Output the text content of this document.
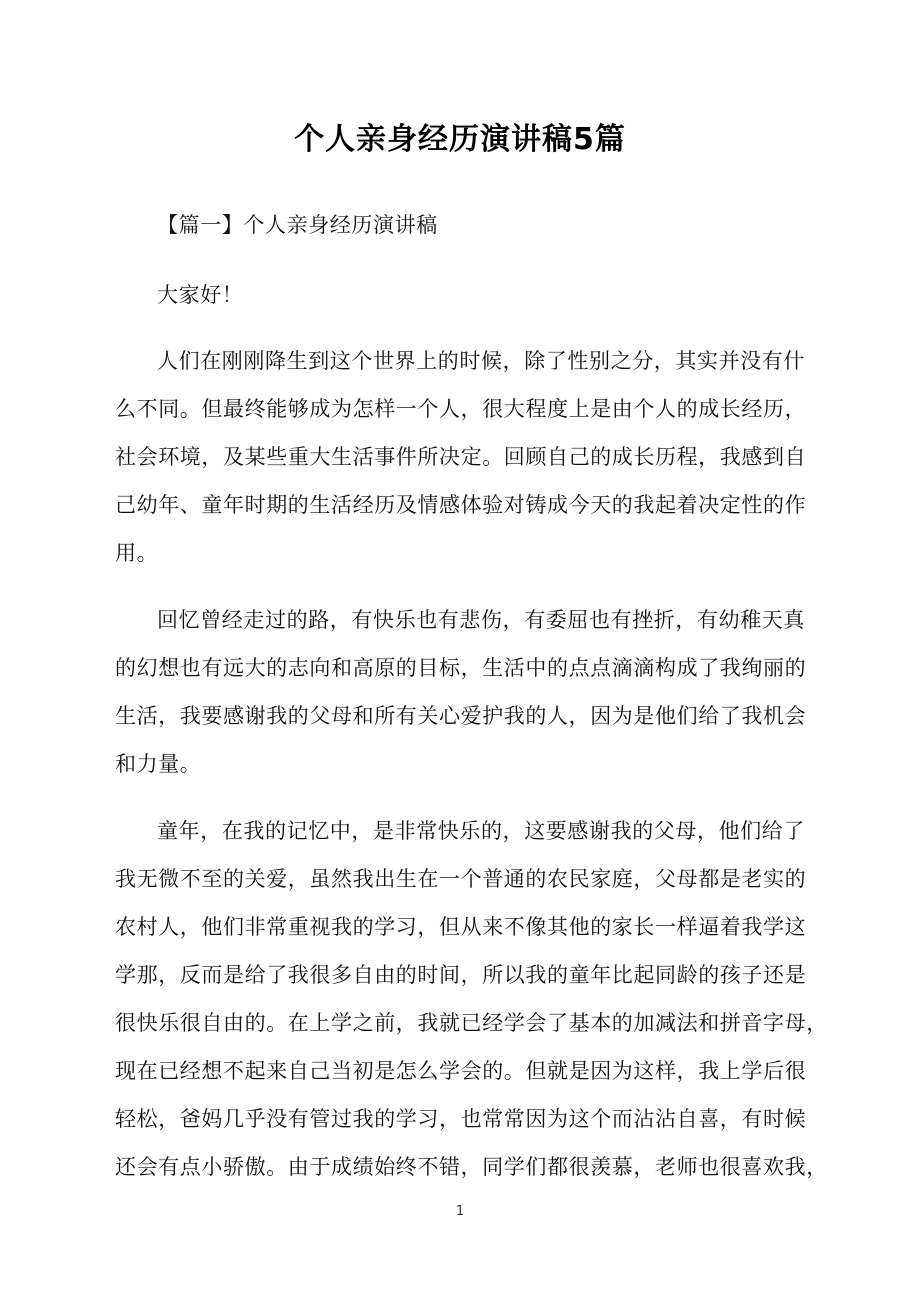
个人亲身经历演讲稿5篇
【篇一】个人亲身经历演讲稿
大家好！
人们在刚刚降生到这个世界上的时候，除了性别之分，其实并没有什
么不同。但最终能够成为怎样一个人，很大程度上是由个人的成长经历，
社会环境，及某些重大生活事件所决定。回顾自己的成长历程，我感到自
己幼年、童年时期的生活经历及情感体验对铸成今天的我起着决定性的作
用。
回忆曾经走过的路，有快乐也有悲伤，有委屈也有挫折，有幼稚天真
的幻想也有远大的志向和高原的目标，生活中的点点滴滴构成了我绚丽的
生活，我要感谢我的父母和所有关心爱护我的人，因为是他们给了我机会
和力量。
童年，在我的记忆中，是非常快乐的，这要感谢我的父母，他们给了
我无微不至的关爱，虽然我出生在一个普通的农民家庭，父母都是老实的
农村人，他们非常重视我的学习，但从来不像其他的家长一样逼着我学这
学那，反而是给了我很多自由的时间，所以我的童年比起同龄的孩子还是
很快乐很自由的。在上学之前，我就已经学会了基本的加减法和拼音字母，
现在已经想不起来自己当初是怎么学会的。但就是因为这样，我上学后很
轻松，爸妈几乎没有管过我的学习，也常常因为这个而沾沾自喜，有时候
还会有点小骄傲。由于成绩始终不错，同学们都很羡慕，老师也很喜欢我，
1
